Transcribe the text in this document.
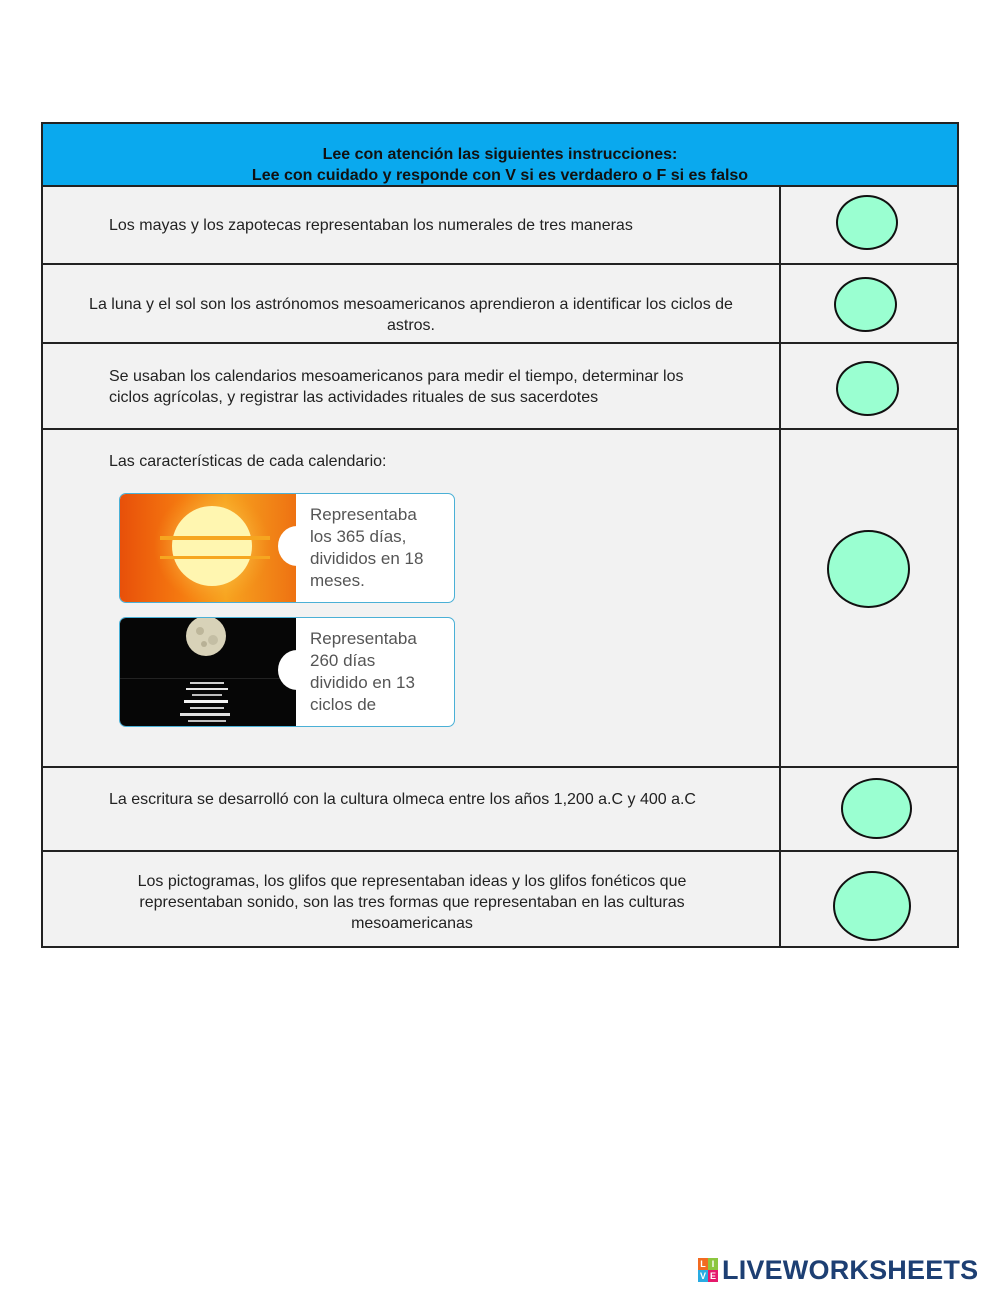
Lee con atención las siguientes instrucciones:
Lee con cuidado y responde con V si es verdadero o F si es falso
Los mayas y los zapotecas representaban los numerales de tres maneras
La luna y el sol son los astrónomos mesoamericanos aprendieron a identificar los ciclos de
astros.
Se usaban los calendarios mesoamericanos para medir el tiempo, determinar los
ciclos agrícolas, y registrar las actividades rituales de sus sacerdotes
Las características de cada calendario:
Representaba
los 365 días,
divididos en 18
meses.
Representaba
260 días
dividido en 13
ciclos de
La escritura se desarrolló con la cultura olmeca entre los años 1,200 a.C y 400 a.C
Los pictogramas, los glifos que representaban ideas y los glifos fonéticos que
representaban sonido, son las tres formas que representaban en las culturas
mesoamericanas
L I
V E LIVEWORKSHEETS
